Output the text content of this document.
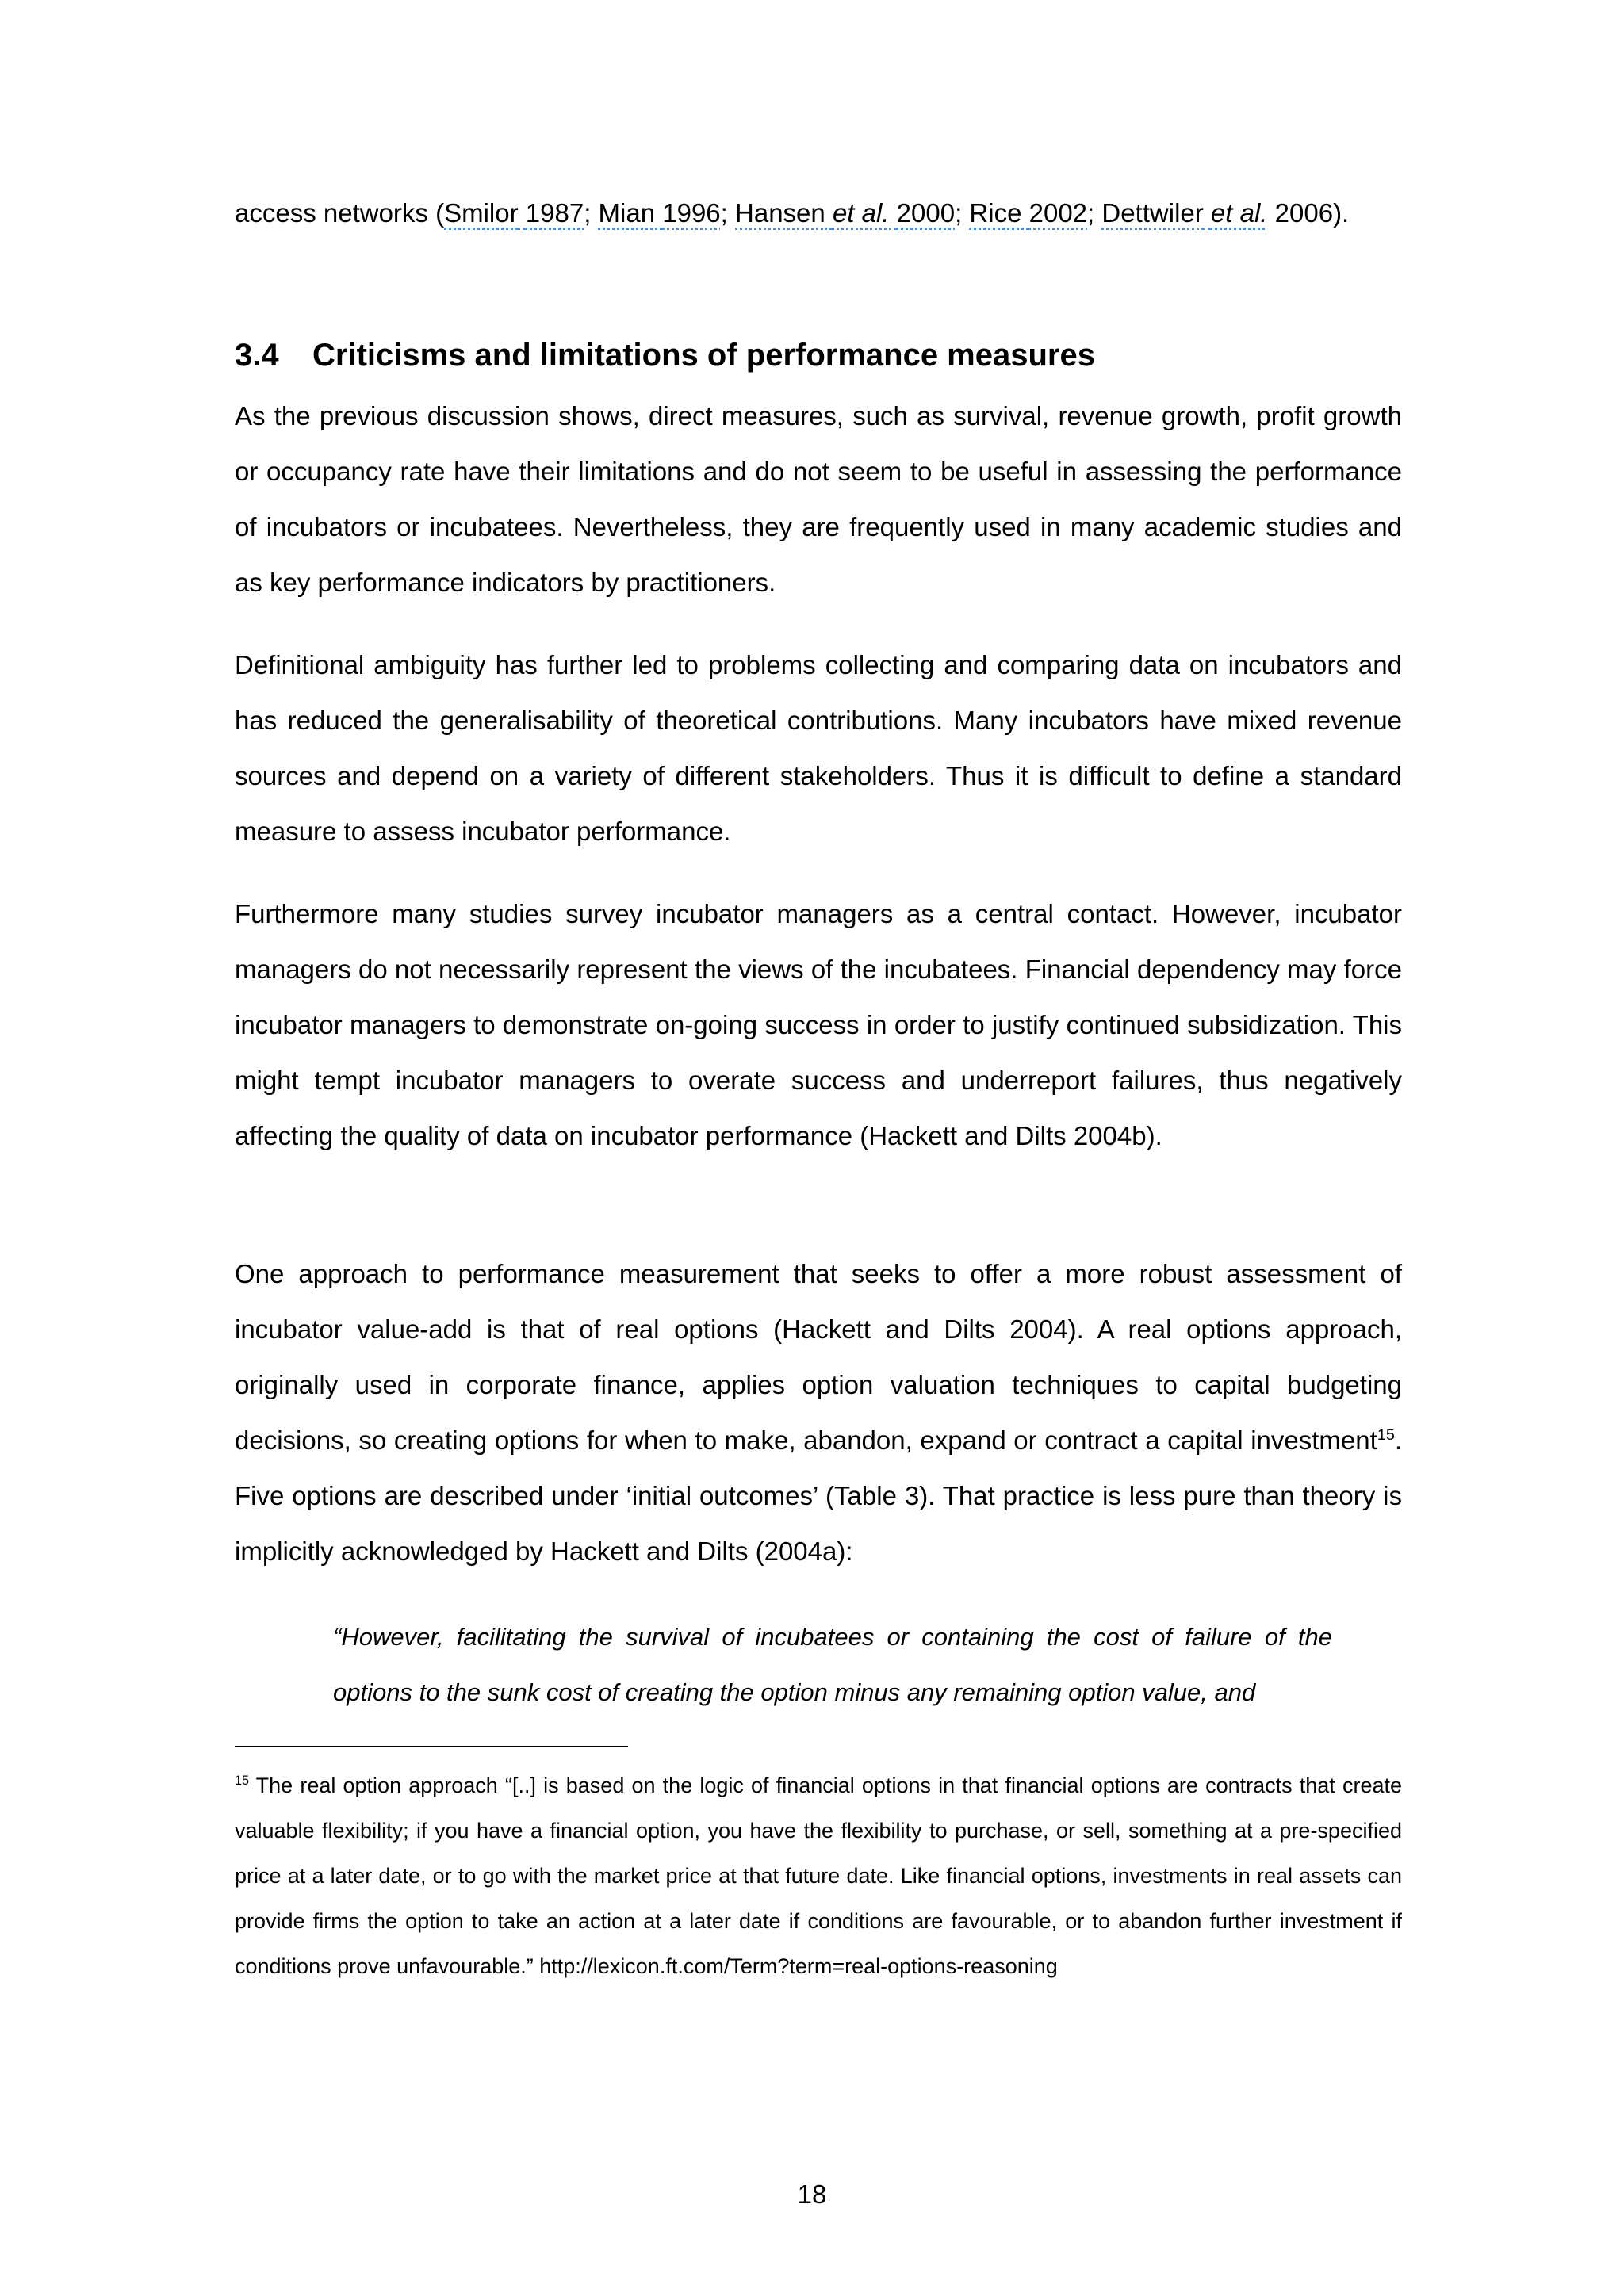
access networks (Smilor 1987; Mian 1996; Hansen et al. 2000; Rice 2002; Dettwiler et al. 2006).

3.4 Criticisms and limitations of performance measures

As the previous discussion shows, direct measures, such as survival, revenue growth, profit growth or occupancy rate have their limitations and do not seem to be useful in assessing the performance of incubators or incubatees. Nevertheless, they are frequently used in many academic studies and as key performance indicators by practitioners.

Definitional ambiguity has further led to problems collecting and comparing data on incubators and has reduced the generalisability of theoretical contributions. Many incubators have mixed revenue sources and depend on a variety of different stakeholders. Thus it is difficult to define a standard measure to assess incubator performance.

Furthermore many studies survey incubator managers as a central contact. However, incubator managers do not necessarily represent the views of the incubatees. Financial dependency may force incubator managers to demonstrate on-going success in order to justify continued subsidization. This might tempt incubator managers to overate success and underreport failures, thus negatively affecting the quality of data on incubator performance (Hackett and Dilts 2004b).

One approach to performance measurement that seeks to offer a more robust assessment of incubator value-add is that of real options (Hackett and Dilts 2004). A real options approach, originally used in corporate finance, applies option valuation techniques to capital budgeting decisions, so creating options for when to make, abandon, expand or contract a capital investment$^{15}$. Five options are described under ‘initial outcomes’ (Table 3). That practice is less pure than theory is implicitly acknowledged by Hackett and Dilts (2004a):

“However, facilitating the survival of incubatees or containing the cost of failure of the options to the sunk cost of creating the option minus any remaining option value, and

$^{15}$ The real option approach “[..] is based on the logic of financial options in that financial options are contracts that create valuable flexibility; if you have a financial option, you have the flexibility to purchase, or sell, something at a pre-specified price at a later date, or to go with the market price at that future date. Like financial options, investments in real assets can provide firms the option to take an action at a later date if conditions are favourable, or to abandon further investment if conditions prove unfavourable.” http://lexicon.ft.com/Term?term=real-options-reasoning

18
